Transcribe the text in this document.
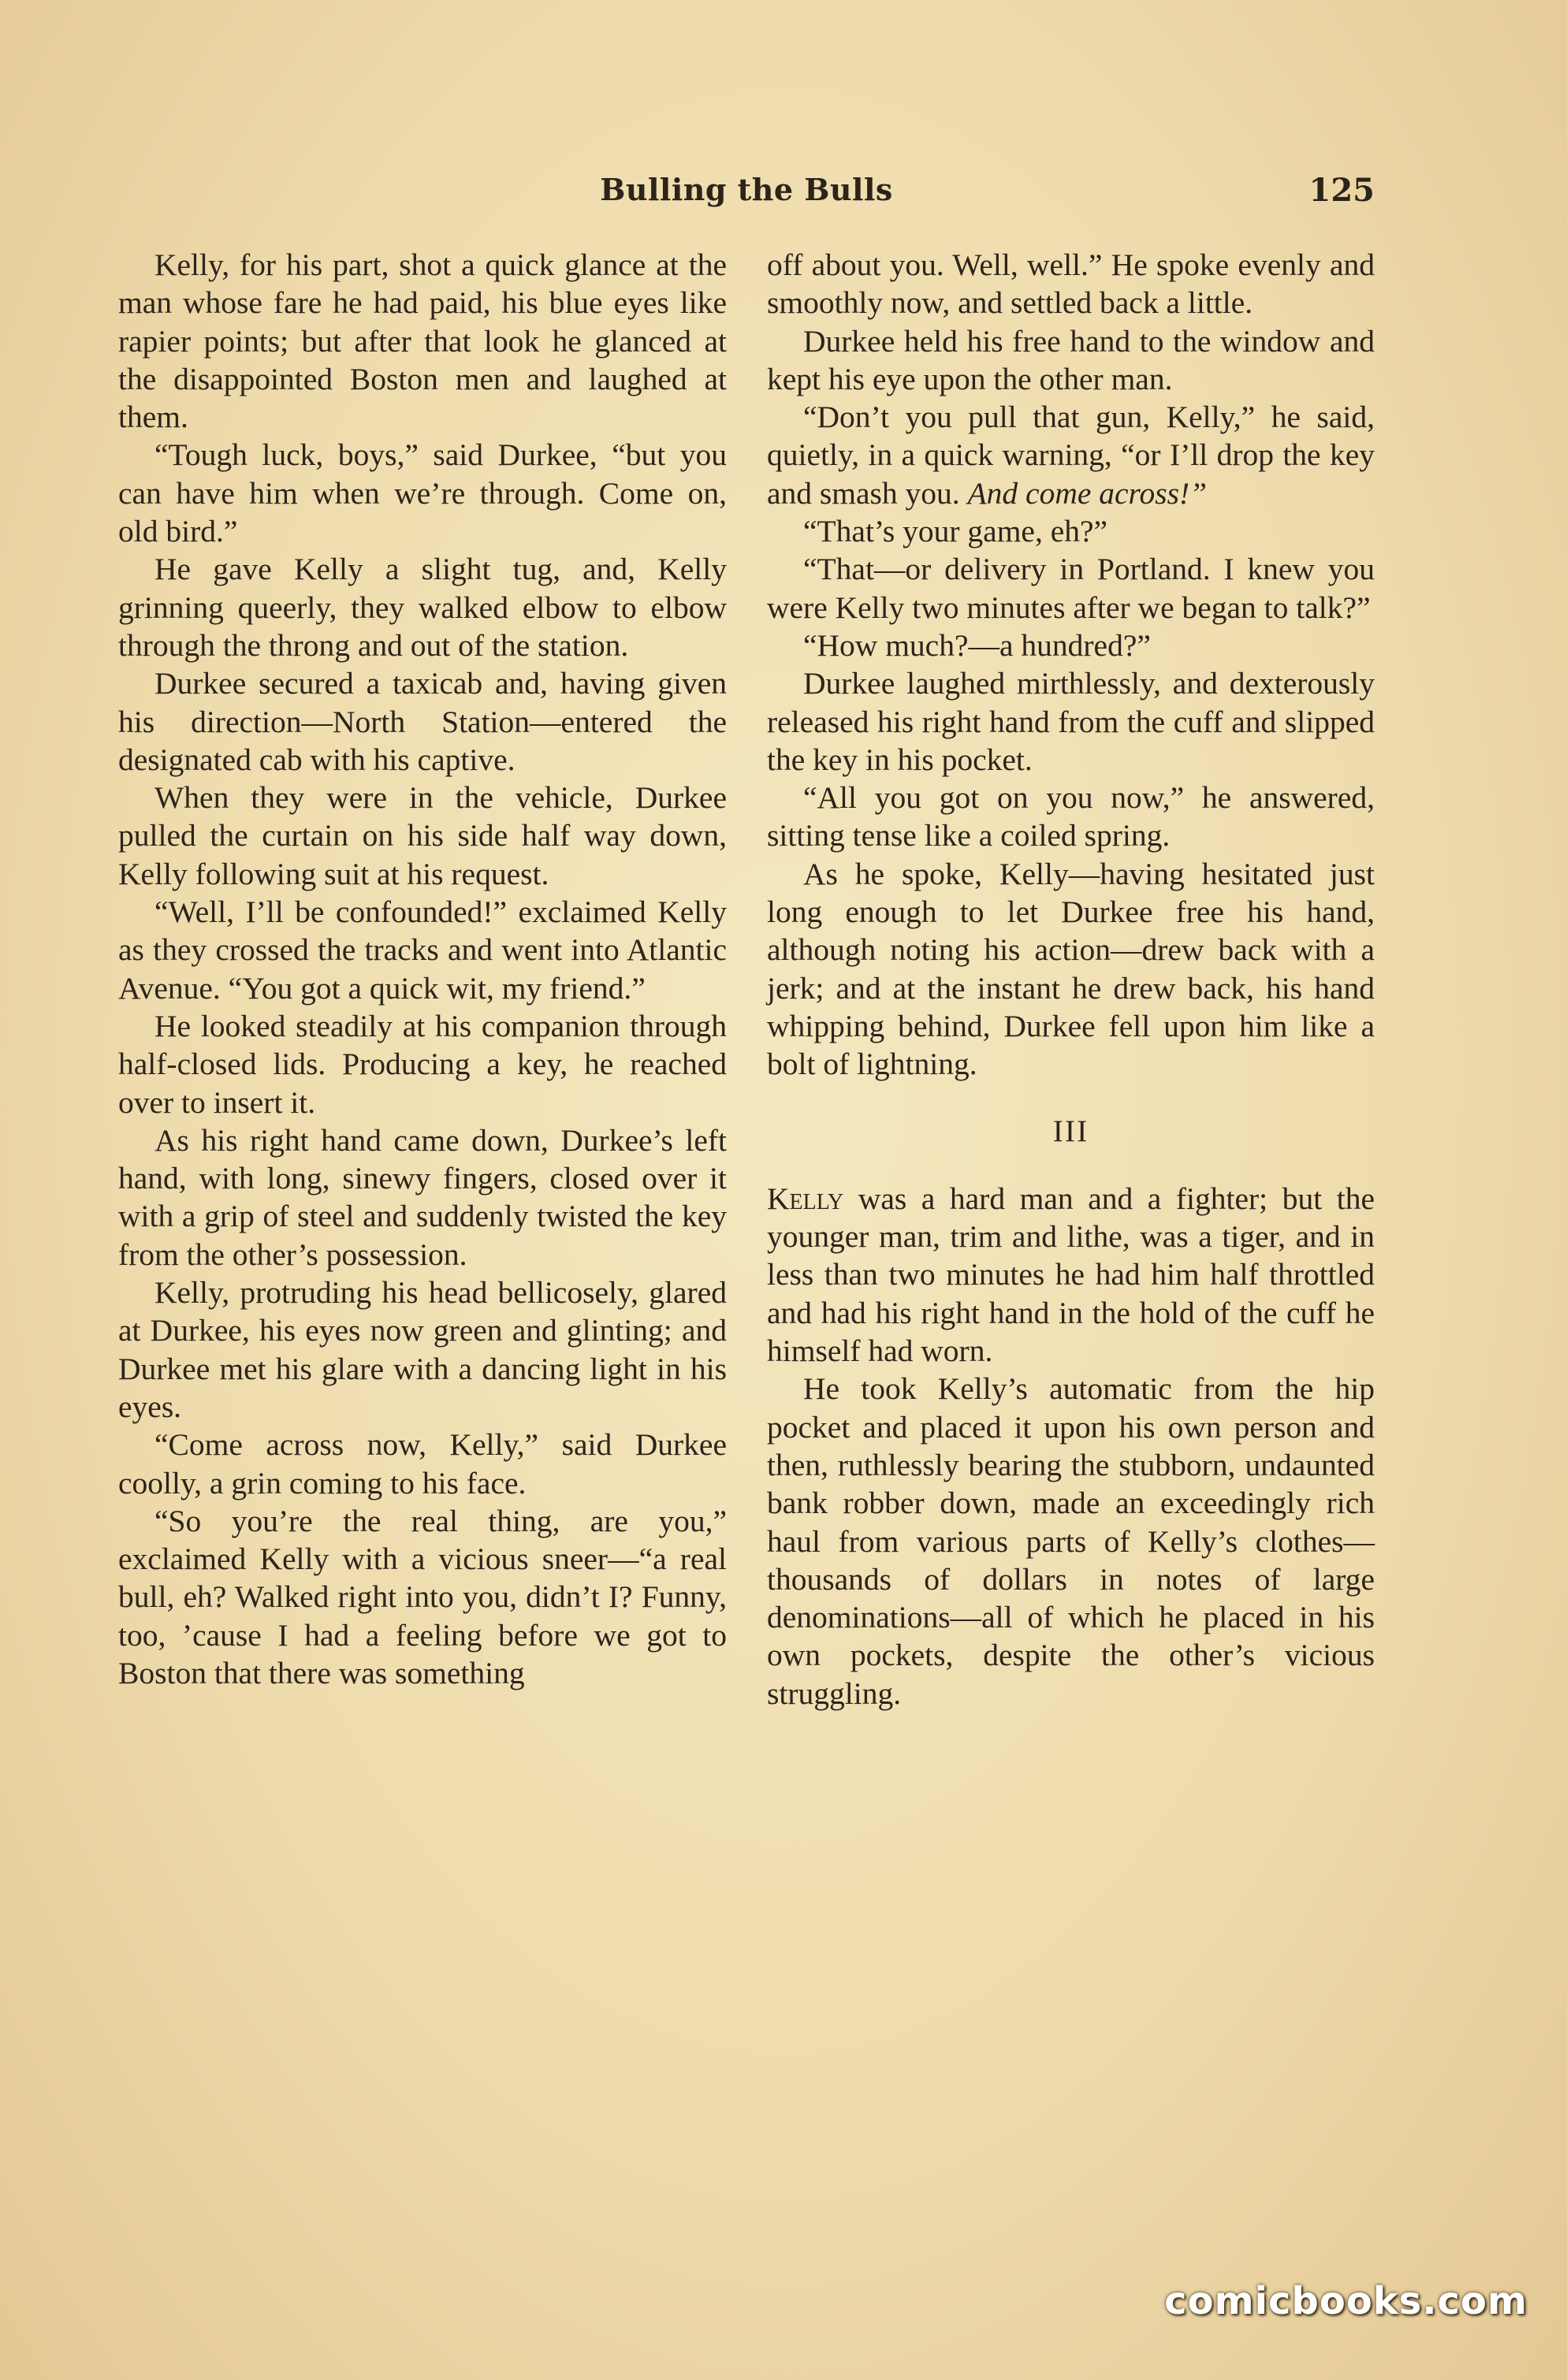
Bulling the Bulls	125

Kelly, for his part, shot a quick glance at the man whose fare he had paid, his blue eyes like rapier points; but after that look he glanced at the disappointed Boston men and laughed at them.

“Tough luck, boys,” said Durkee, “but you can have him when we’re through. Come on, old bird.”

He gave Kelly a slight tug, and, Kelly grinning queerly, they walked elbow to elbow through the throng and out of the station.

Durkee secured a taxicab and, having given his direction—North Station—entered the designated cab with his captive.

When they were in the vehicle, Durkee pulled the curtain on his side half way down, Kelly following suit at his request.

“Well, I’ll be confounded!” exclaimed Kelly as they crossed the tracks and went into Atlantic Avenue. “You got a quick wit, my friend.”

He looked steadily at his companion through half-closed lids. Producing a key, he reached over to insert it.

As his right hand came down, Durkee’s left hand, with long, sinewy fingers, closed over it with a grip of steel and suddenly twisted the key from the other’s possession.

Kelly, protruding his head bellicosely, glared at Durkee, his eyes now green and glinting; and Durkee met his glare with a dancing light in his eyes.

“Come across now, Kelly,” said Durkee coolly, a grin coming to his face.

“So you’re the real thing, are you,” exclaimed Kelly with a vicious sneer—“a real bull, eh? Walked right into you, didn’t I? Funny, too, ’cause I had a feeling before we got to Boston that there was something

off about you. Well, well.” He spoke evenly and smoothly now, and settled back a little.

Durkee held his free hand to the window and kept his eye upon the other man.

“Don’t you pull that gun, Kelly,” he said, quietly, in a quick warning, “or I’ll drop the key and smash you. And come across!”

“That’s your game, eh?”

“That—or delivery in Portland. I knew you were Kelly two minutes after we began to talk?”

“How much?—a hundred?”

Durkee laughed mirthlessly, and dexterously released his right hand from the cuff and slipped the key in his pocket.

“All you got on you now,” he answered, sitting tense like a coiled spring.

As he spoke, Kelly—having hesitated just long enough to let Durkee free his hand, although noting his action—drew back with a jerk; and at the instant he drew back, his hand whipping behind, Durkee fell upon him like a bolt of lightning.

III

Kelly was a hard man and a fighter; but the younger man, trim and lithe, was a tiger, and in less than two minutes he had him half throttled and had his right hand in the hold of the cuff he himself had worn.

He took Kelly’s automatic from the hip pocket and placed it upon his own person and then, ruthlessly bearing the stubborn, undaunted bank robber down, made an exceedingly rich haul from various parts of Kelly’s clothes—thousands of dollars in notes of large denominations—all of which he placed in his own pockets, despite the other’s vicious struggling.

comicbooks.com
